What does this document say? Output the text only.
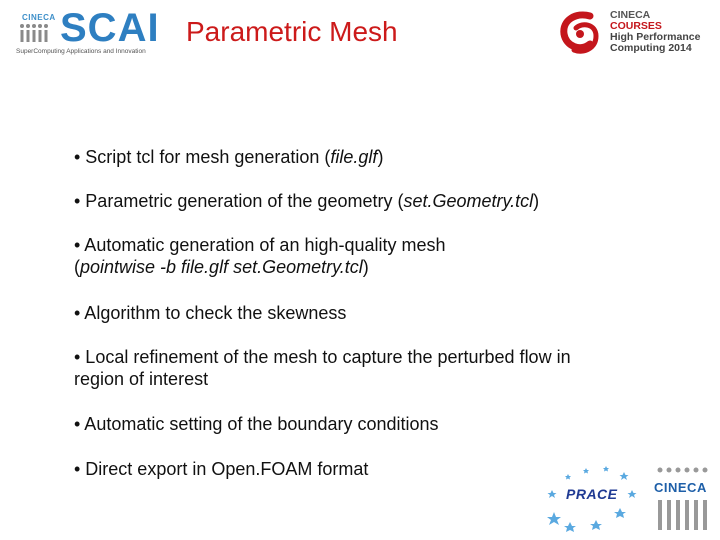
CINECA SCAI
SuperComputing Applications and Innovation
Parametric Mesh
CINECA
COURSES
High Performance
Computing 2014
• Script tcl for mesh generation (file.glf)
• Parametric generation of the geometry (set.Geometry.tcl)
• Automatic generation of an high-quality mesh
(pointwise -b file.glf set.Geometry.tcl)
• Algorithm to check the skewness
• Local refinement of the mesh to capture the perturbed flow in
region of interest
• Automatic setting of the boundary conditions
• Direct export in Open.FOAM format
PRACE	CINECA
